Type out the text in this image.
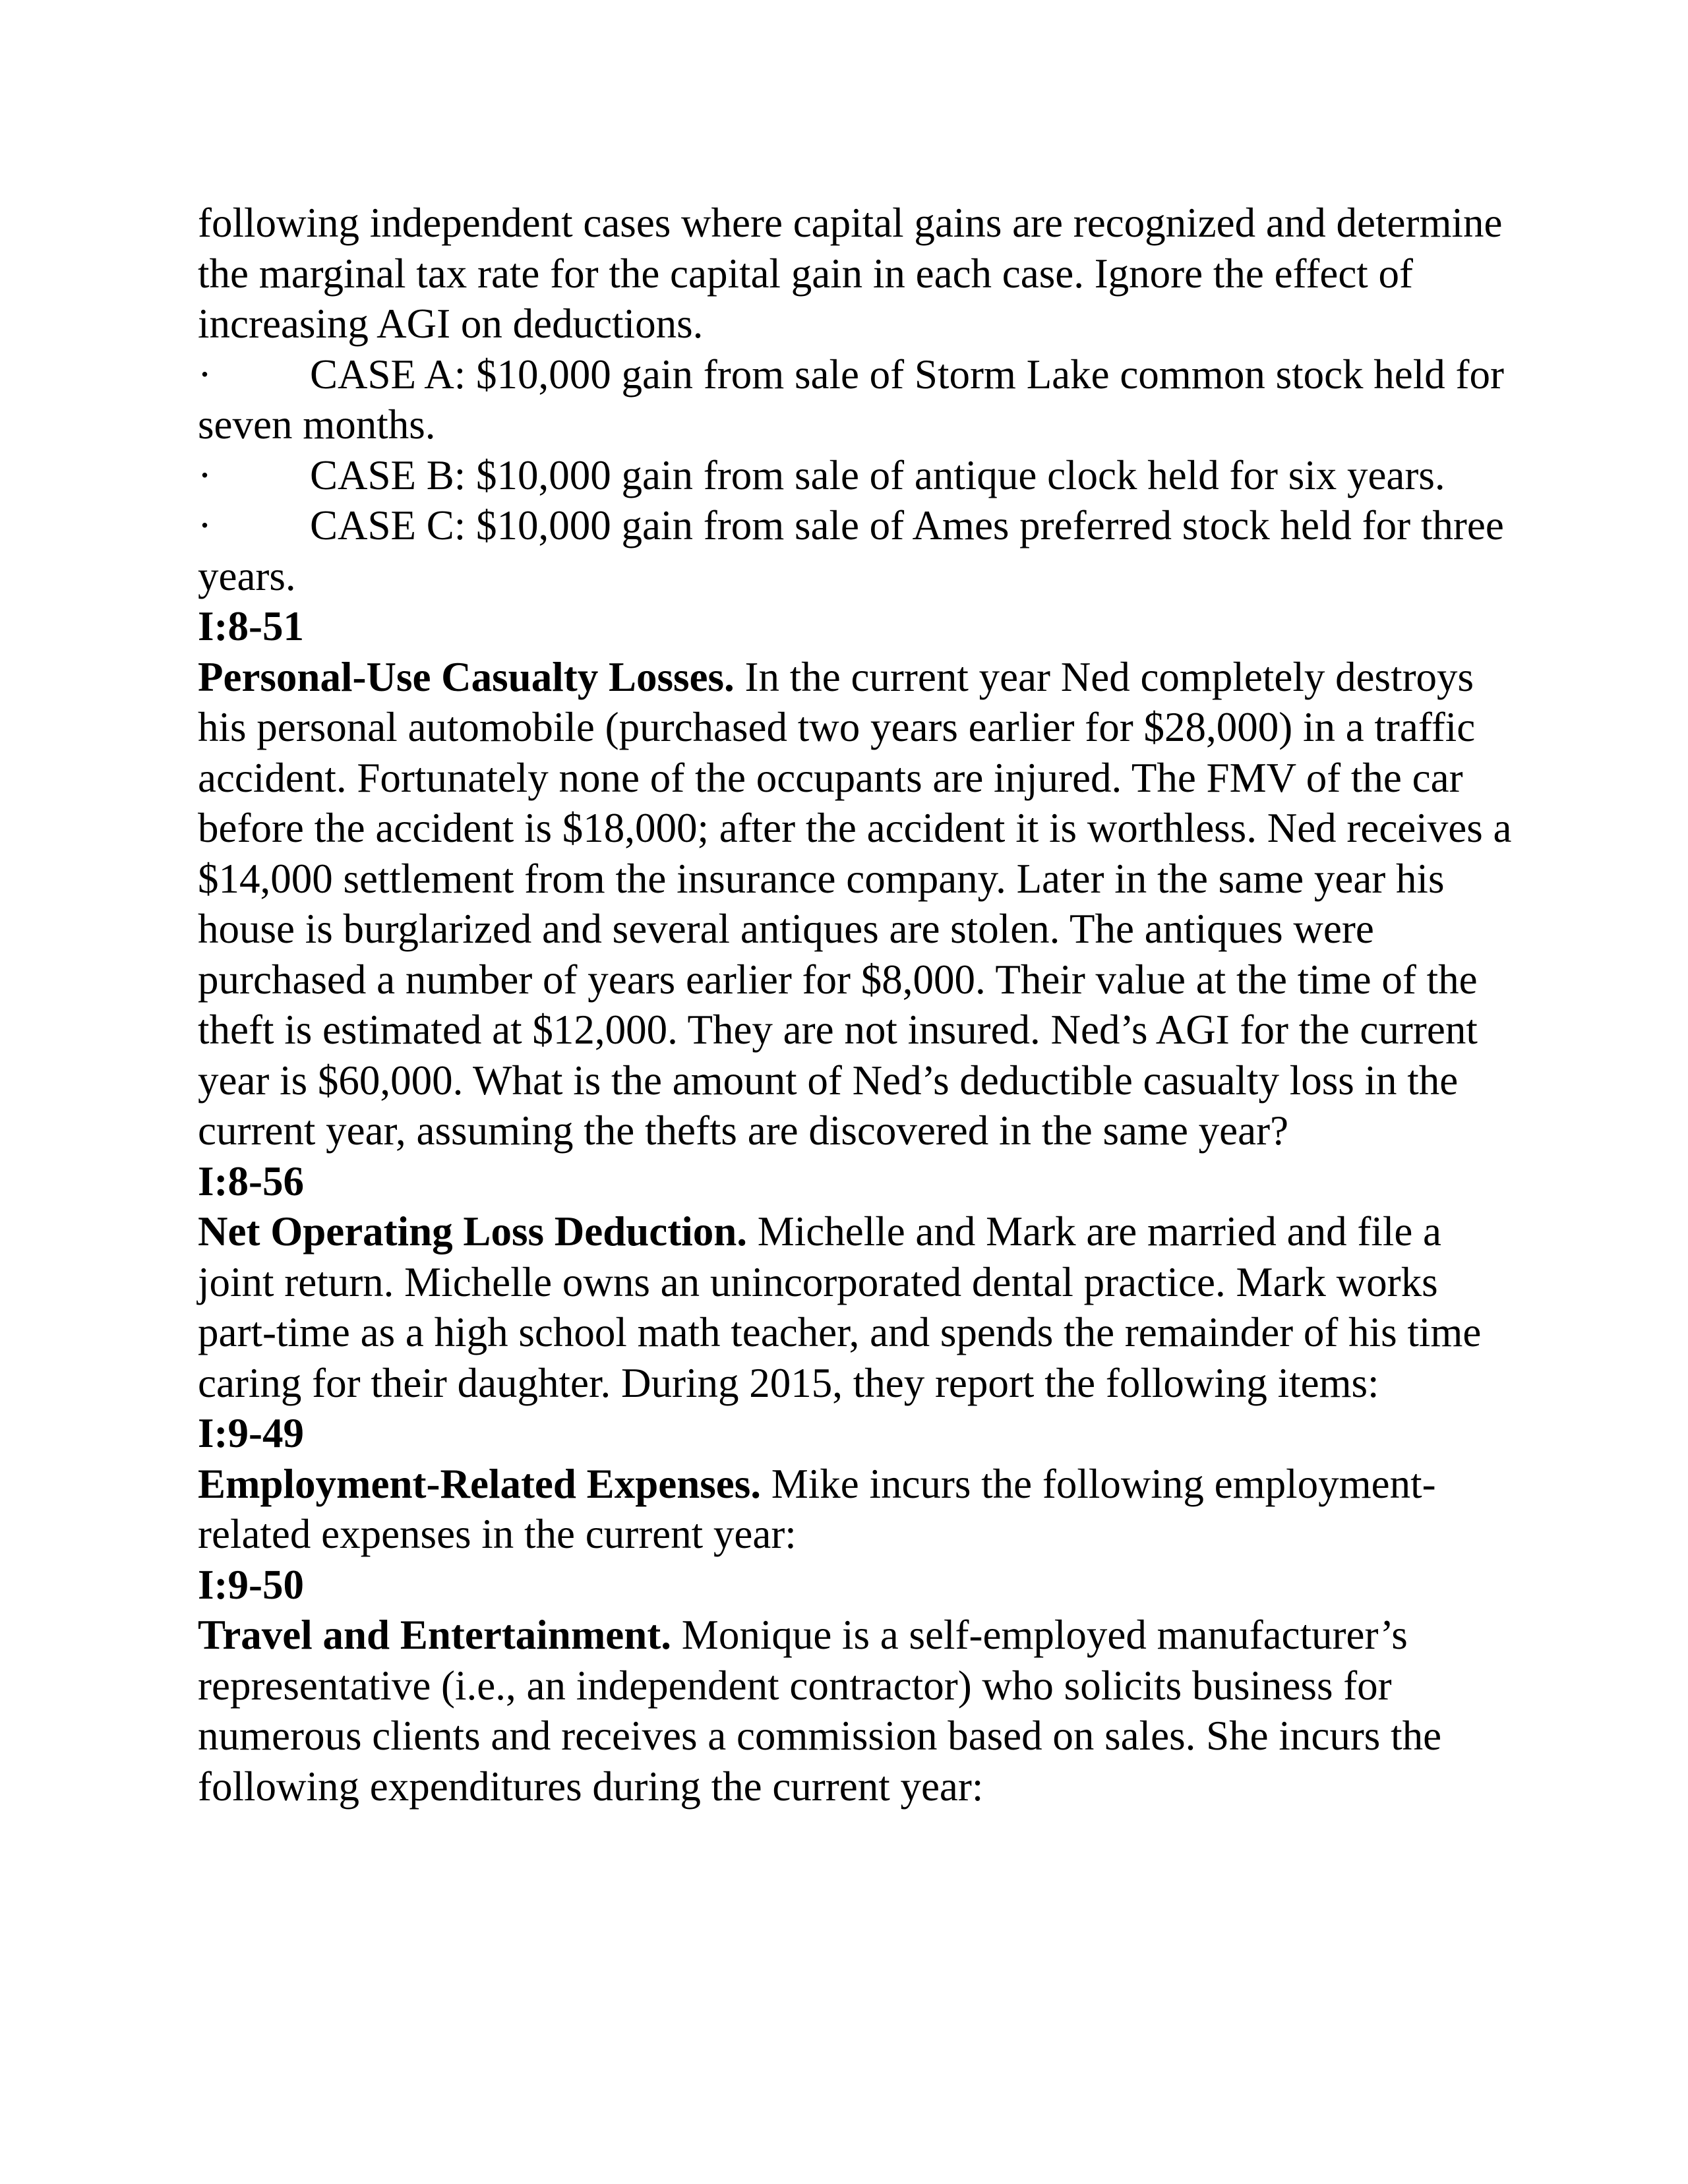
following independent cases where capital gains are recognized and determine the marginal tax rate for the capital gain in each case. Ignore the effect of increasing AGI on deductions.

· CASE A: $10,000 gain from sale of Storm Lake common stock held for seven months.

· CASE B: $10,000 gain from sale of antique clock held for six years.

· CASE C: $10,000 gain from sale of Ames preferred stock held for three years.

I:8-51

Personal-Use Casualty Losses. In the current year Ned completely destroys his personal automobile (purchased two years earlier for $28,000) in a traffic accident. Fortunately none of the occupants are injured. The FMV of the car before the accident is $18,000; after the accident it is worthless. Ned receives a $14,000 settlement from the insurance company. Later in the same year his house is burglarized and several antiques are stolen. The antiques were purchased a number of years earlier for $8,000. Their value at the time of the theft is estimated at $12,000. They are not insured. Ned’s AGI for the current year is $60,000. What is the amount of Ned’s deductible casualty loss in the current year, assuming the thefts are discovered in the same year?

I:8-56

Net Operating Loss Deduction. Michelle and Mark are married and file a joint return. Michelle owns an unincorporated dental practice. Mark works part-time as a high school math teacher, and spends the remainder of his time caring for their daughter. During 2015, they report the following items:

I:9-49

Employment-Related Expenses. Mike incurs the following employment-related expenses in the current year:

I:9-50

Travel and Entertainment. Monique is a self-employed manufacturer’s representative (i.e., an independent contractor) who solicits business for numerous clients and receives a commission based on sales. She incurs the following expenditures during the current year:
